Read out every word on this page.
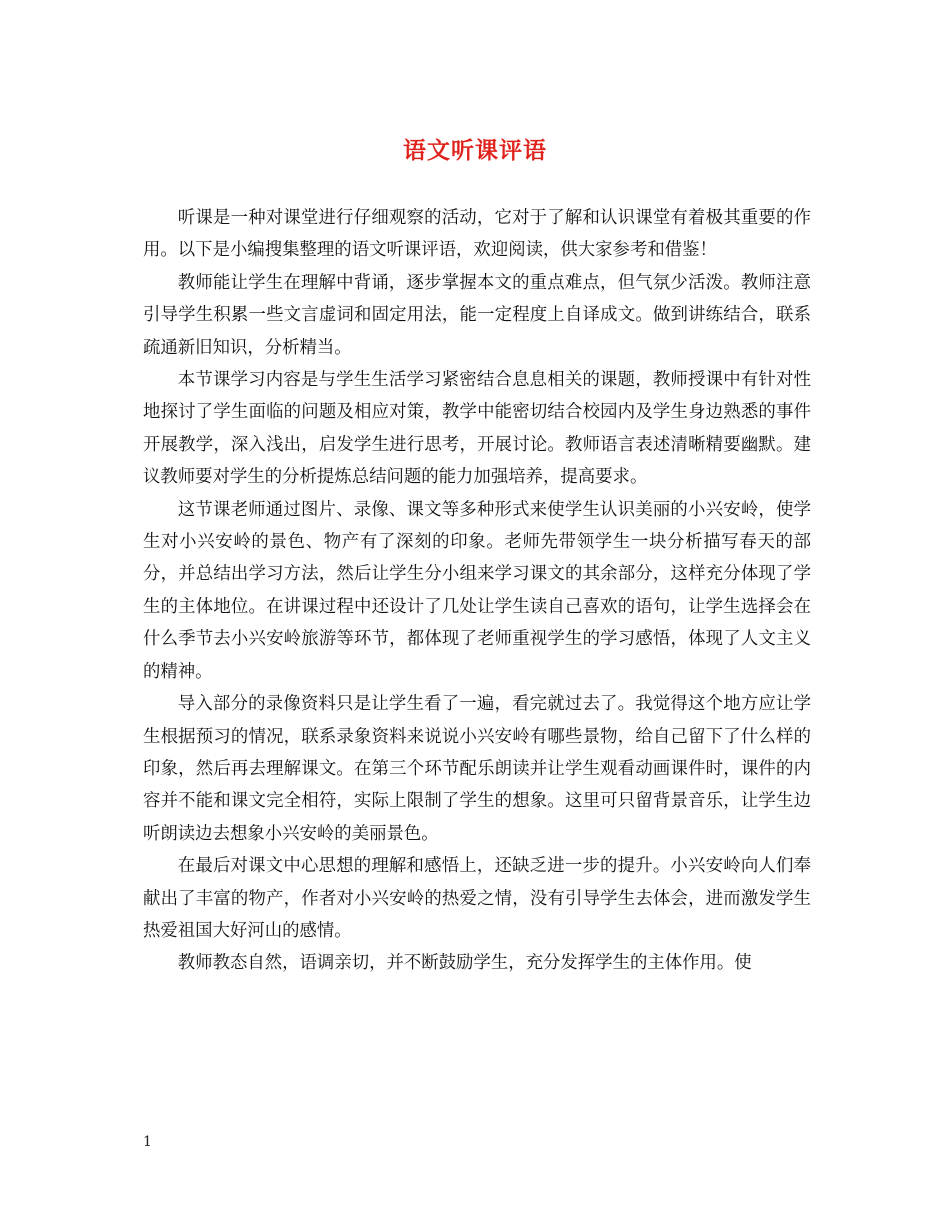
语文听课评语

听课是一种对课堂进行仔细观察的活动，它对于了解和认识课堂有着极其重要的作用。以下是小编搜集整理的语文听课评语，欢迎阅读，供大家参考和借鉴！

教师能让学生在理解中背诵，逐步掌握本文的重点难点，但气氛少活泼。教师注意引导学生积累一些文言虚词和固定用法，能一定程度上自译成文。做到讲练结合，联系疏通新旧知识，分析精当。

本节课学习内容是与学生生活学习紧密结合息息相关的课题，教师授课中有针对性地探讨了学生面临的问题及相应对策，教学中能密切结合校园内及学生身边熟悉的事件开展教学，深入浅出，启发学生进行思考，开展讨论。教师语言表述清晰精要幽默。建议教师要对学生的分析提炼总结问题的能力加强培养，提高要求。

这节课老师通过图片、录像、课文等多种形式来使学生认识美丽的小兴安岭，使学生对小兴安岭的景色、物产有了深刻的印象。老师先带领学生一块分析描写春天的部分，并总结出学习方法，然后让学生分小组来学习课文的其余部分，这样充分体现了学生的主体地位。在讲课过程中还设计了几处让学生读自己喜欢的语句，让学生选择会在什么季节去小兴安岭旅游等环节，都体现了老师重视学生的学习感悟，体现了人文主义的精神。

导入部分的录像资料只是让学生看了一遍，看完就过去了。我觉得这个地方应让学生根据预习的情况，联系录象资料来说说小兴安岭有哪些景物，给自己留下了什么样的印象，然后再去理解课文。在第三个环节配乐朗读并让学生观看动画课件时，课件的内容并不能和课文完全相符，实际上限制了学生的想象。这里可只留背景音乐，让学生边听朗读边去想象小兴安岭的美丽景色。

在最后对课文中心思想的理解和感悟上，还缺乏进一步的提升。小兴安岭向人们奉献出了丰富的物产，作者对小兴安岭的热爱之情，没有引导学生去体会，进而激发学生热爱祖国大好河山的感情。

教师教态自然，语调亲切，并不断鼓励学生，充分发挥学生的主体作用。使

1
